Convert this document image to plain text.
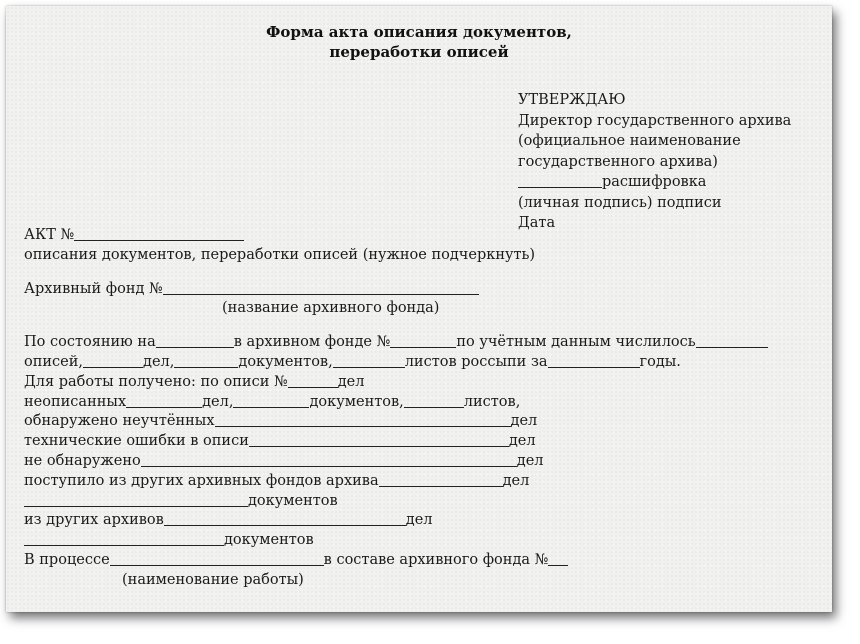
Форма акта описания документов,
переработки описей
УТВЕРЖДАЮ
Директор государственного архива
(официальное наименование
государственного архива)
расшифровка
(личная подпись) подписи
Дата
АКТ №
описания документов, переработки описей (нужное подчеркнуть)
Архивный фонд №
(название архивного фонда)
По состоянию на	в архивном фонде №	по учётным данным числилось
описей,	дел,	документов,	листов россыпи за	годы.
Для работы получено: по описи №	дел
неописанных	дел,	документов,	листов,
обнаружено неучтённых	дел
технические ошибки в описи	дел
не обнаружено	дел
поступило из других архивных фондов архива	дел
документов
из других архивов	дел
документов
В процессе	в составе архивного фонда №
(наименование работы)
